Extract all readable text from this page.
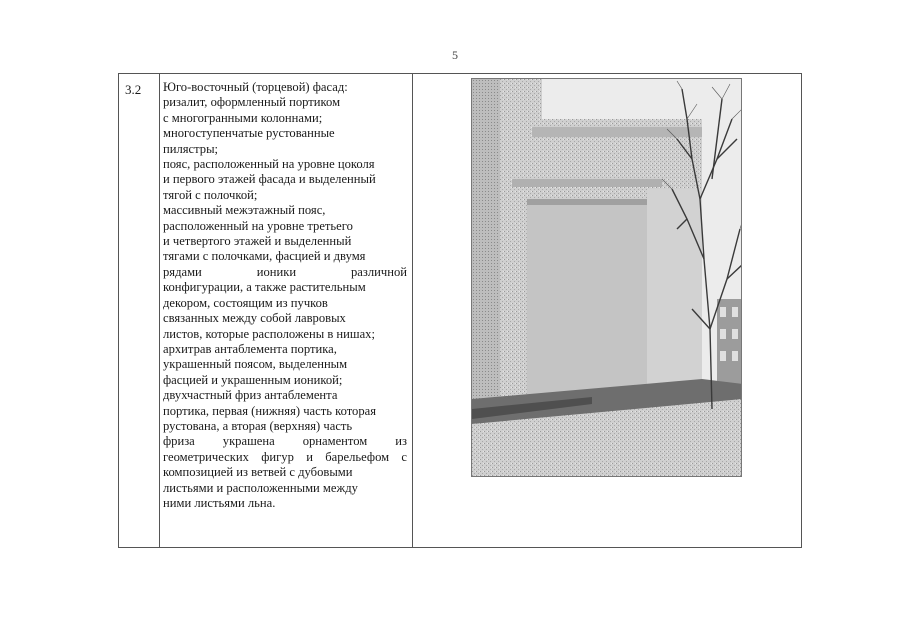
5
3.2 Юго-восточный (торцевой) фасад:
ризалит, оформленный портиком
с многогранными колоннами;
многоступенчатые рустованные
пилястры;
пояс, расположенный на уровне цоколя
и первого этажей фасада и выделенный
тягой с полочкой;
массивный межэтажный пояс,
расположенный на уровне третьего
и четвертого этажей и выделенный
тягами с полочками, фасцией и двумя
рядами	ионики	различной
конфигурации, а также растительным
декором, состоящим из пучков
связанных между собой лавровых
листов, которые расположены в нишах;
архитрав антаблемента портика,
украшенный поясом, выделенным
фасцией и украшенным ионикой;
двухчастный фриз антаблемента
портика, первая (нижняя) часть которая
рустована, а вторая (верхняя) часть
фриза украшена орнаментом из
геометрических фигур и барельефом с
композицией из ветвей с дубовыми
листьями и расположенными между
ними листьями льна.
